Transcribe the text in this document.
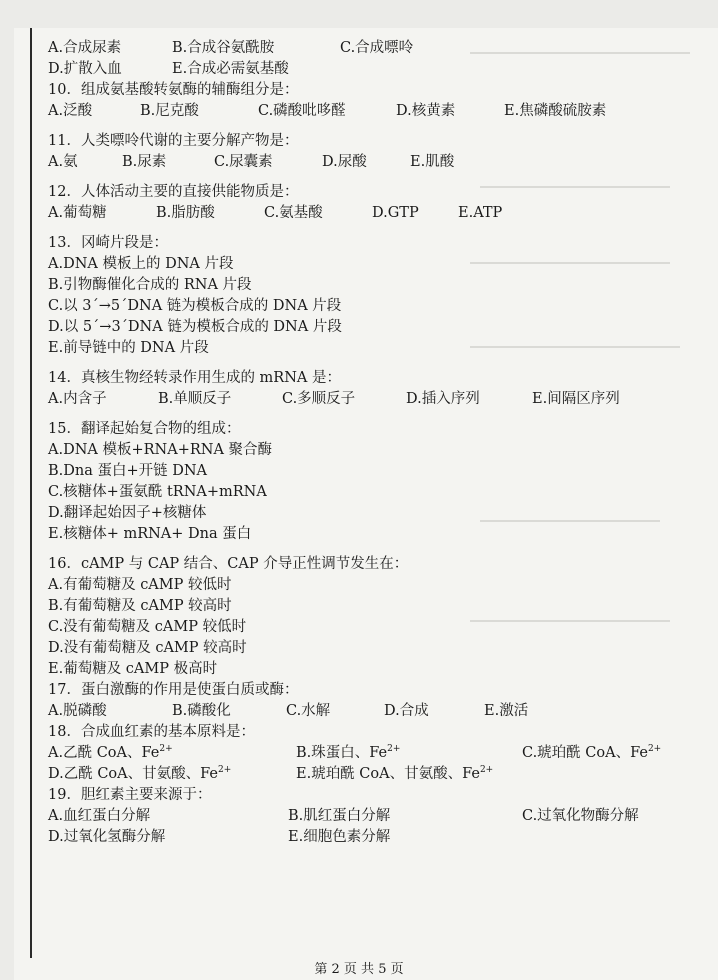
A.合成尿素	B.合成谷氨酰胺	C.合成嘌呤
D.扩散入血	E.合成必需氨基酸

10．组成氨基酸转氨酶的辅酶组分是：

A.泛酸	B.尼克酸	C.磷酸吡哆醛	D.核黄素	E.焦磷酸硫胺素

11．人类嘌呤代谢的主要分解产物是：

A.氨	B.尿素	C.尿囊素	D.尿酸	E.肌酸

12．人体活动主要的直接供能物质是：

A.葡萄糖	B.脂肪酸	C.氨基酸	D.GTP	E.ATP

13．冈崎片段是：

A.DNA 模板上的 DNA 片段

B.引物酶催化合成的 RNA 片段

C.以 3ˊ→5ˊDNA 链为模板合成的 DNA 片段

D.以 5ˊ→3ˊDNA 链为模板合成的 DNA 片段

E.前导链中的 DNA 片段

14．真核生物经转录作用生成的 mRNA 是：

A.内含子	B.单顺反子	C.多顺反子	D.插入序列	E.间隔区序列

15．翻译起始复合物的组成：

A.DNA 模板+RNA+RNA 聚合酶

B.Dna 蛋白+开链 DNA

C.核糖体+蛋氨酰 tRNA+mRNA

D.翻译起始因子+核糖体

E.核糖体+ mRNA+ Dna 蛋白

16．cAMP 与 CAP 结合、CAP 介导正性调节发生在：

A.有葡萄糖及 cAMP 较低时

B.有葡萄糖及 cAMP 较高时

C.没有葡萄糖及 cAMP 较低时

D.没有葡萄糖及 cAMP 较高时

E.葡萄糖及 cAMP 极高时

17．蛋白激酶的作用是使蛋白质或酶：

A.脱磷酸	B.磷酸化	C.水解	D.合成	E.激活

18．合成血红素的基本原料是：

A.乙酰 CoA、$Fe^{2+}$	B.珠蛋白、$Fe^{2+}$	C.琥珀酰 CoA、$Fe^{2+}$
D.乙酰 CoA、甘氨酸、$Fe^{2+}$	E.琥珀酰 CoA、甘氨酸、$Fe^{2+}$

19．胆红素主要来源于：

A.血红蛋白分解	B.肌红蛋白分解	C.过氧化物酶分解
D.过氧化氢酶分解	E.细胞色素分解
第 2 页 共 5 页
